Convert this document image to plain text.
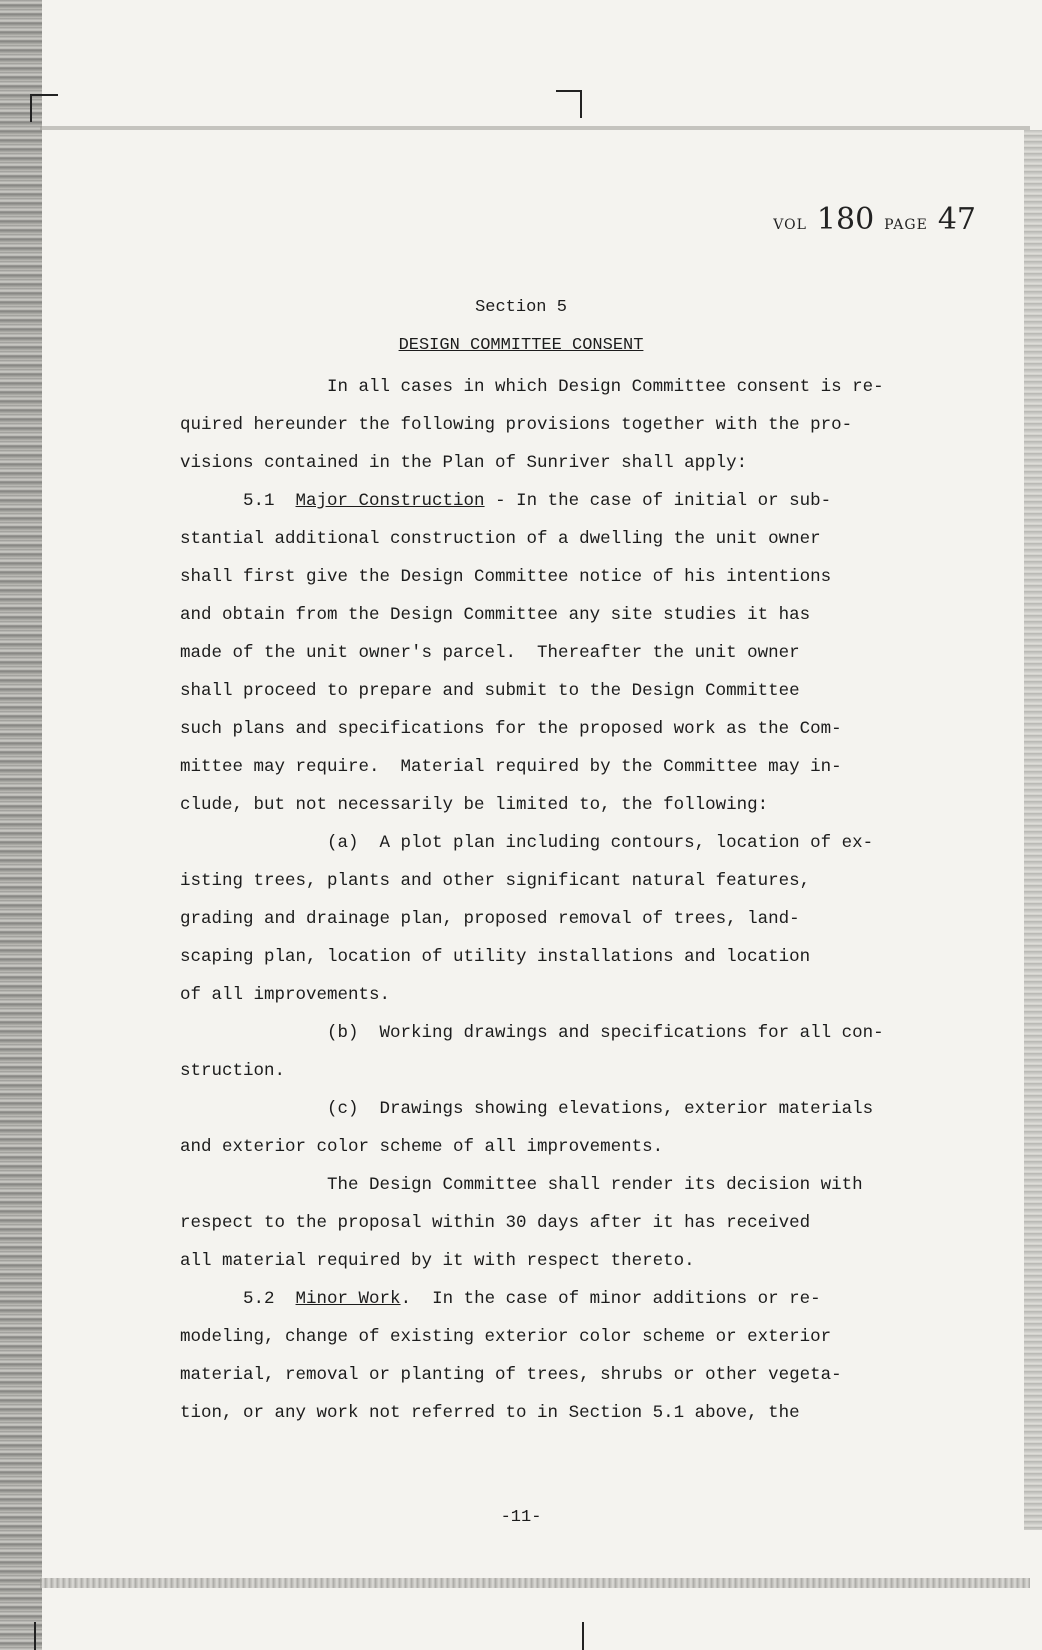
VOL 180 PAGE 47
Section 5
DESIGN COMMITTEE CONSENT
In all cases in which Design Committee consent is re-
quired hereunder the following provisions together with the pro-
visions contained in the Plan of Sunriver shall apply:
5.1  Major Construction - In the case of initial or sub-
stantial additional construction of a dwelling the unit owner
shall first give the Design Committee notice of his intentions
and obtain from the Design Committee any site studies it has
made of the unit owner's parcel.  Thereafter the unit owner
shall proceed to prepare and submit to the Design Committee
such plans and specifications for the proposed work as the Com-
mittee may require.  Material required by the Committee may in-
clude, but not necessarily be limited to, the following:
(a)  A plot plan including contours, location of ex-
isting trees, plants and other significant natural features,
grading and drainage plan, proposed removal of trees, land-
scaping plan, location of utility installations and location
of all improvements.
(b)  Working drawings and specifications for all con-
struction.
(c)  Drawings showing elevations, exterior materials
and exterior color scheme of all improvements.
The Design Committee shall render its decision with
respect to the proposal within 30 days after it has received
all material required by it with respect thereto.
5.2  Minor Work.  In the case of minor additions or re-
modeling, change of existing exterior color scheme or exterior
material, removal or planting of trees, shrubs or other vegeta-
tion, or any work not referred to in Section 5.1 above, the
-11-
